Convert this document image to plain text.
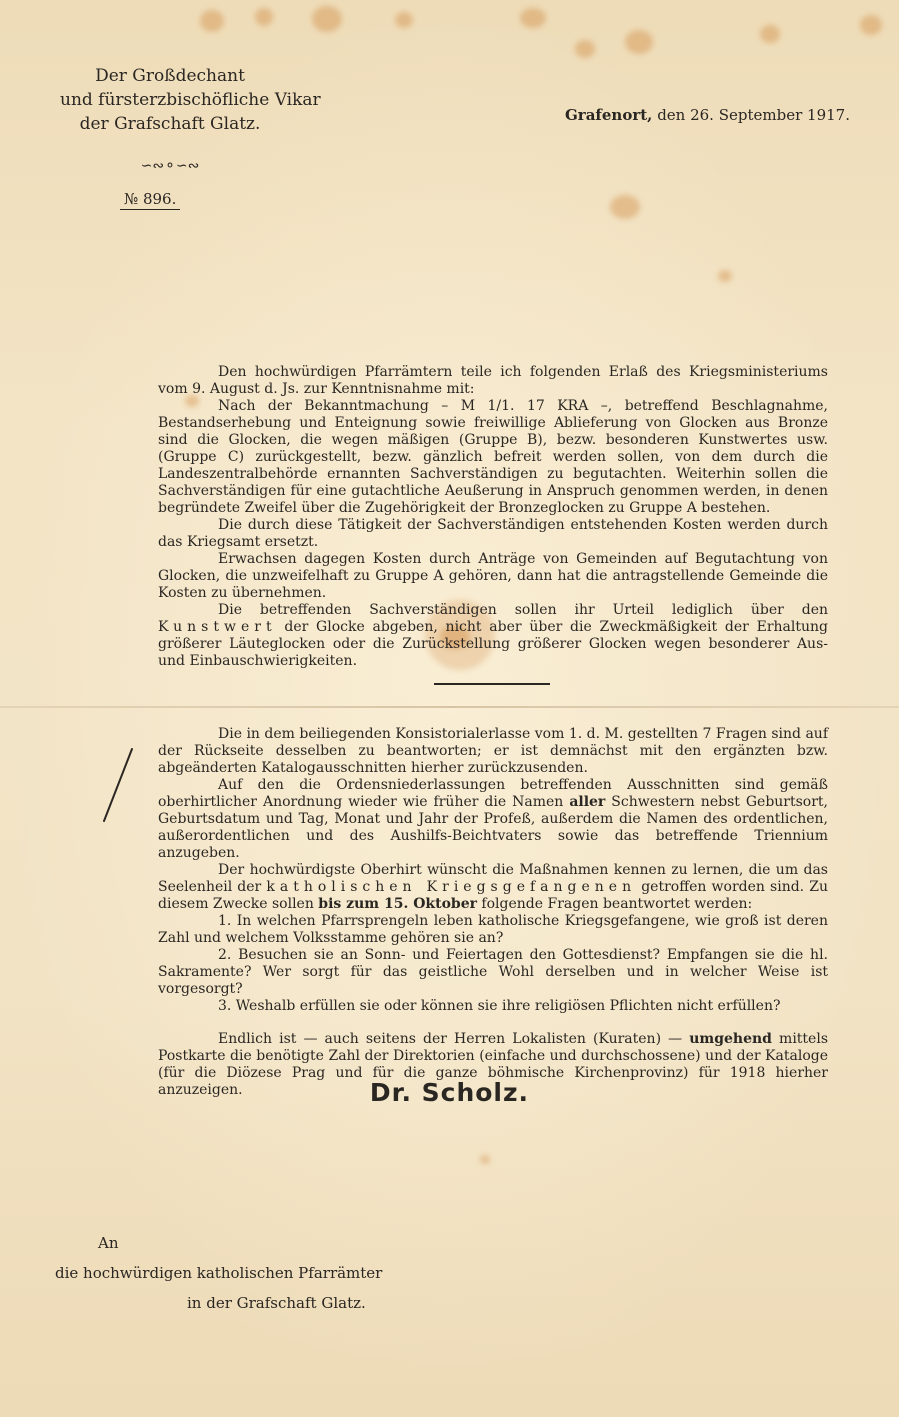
Der Großdechant
und fürsterzbischöfliche Vikar
der Grafschaft Glatz.
∽∾⚬∽∾
№ 896.
Grafenort, den 26. September 1917.

Den hochwürdigen Pfarrämtern teile ich folgenden Erlaß des Kriegsministeriums vom 9. August d. Js. zur Kenntnisnahme mit:

Nach der Bekanntmachung – M 1/1. 17 KRA –, betreffend Beschlagnahme, Bestandserhebung und Enteignung sowie freiwillige Ablieferung von Glocken aus Bronze sind die Glocken, die wegen mäßigen (Gruppe B), bezw. besonderen Kunstwertes usw. (Gruppe C) zurückgestellt, bezw. gänzlich befreit werden sollen, von dem durch die Landeszentralbehörde ernannten Sachverständigen zu begutachten. Weiterhin sollen die Sachverständigen für eine gutachtliche Aeußerung in Anspruch genommen werden, in denen begründete Zweifel über die Zugehörigkeit der Bronzeglocken zu Gruppe A bestehen.

Die durch diese Tätigkeit der Sachverständigen entstehenden Kosten werden durch das Kriegsamt ersetzt.

Erwachsen dagegen Kosten durch Anträge von Gemeinden auf Begutachtung von Glocken, die unzweifelhaft zu Gruppe A gehören, dann hat die antragstellende Gemeinde die Kosten zu übernehmen.

Die betreffenden Sachverständigen sollen ihr Urteil lediglich über den Kunstwert der Glocke abgeben, nicht aber über die Zweckmäßigkeit der Erhaltung größerer Läuteglocken oder die Zurückstellung größerer Glocken wegen besonderer Aus- und Einbauschwierigkeiten.

Die in dem beiliegenden Konsistorialerlasse vom 1. d. M. gestellten 7 Fragen sind auf der Rückseite desselben zu beantworten; er ist demnächst mit den ergänzten bzw. abgeänderten Katalogausschnitten hierher zurückzusenden.

Auf den die Ordensniederlassungen betreffenden Ausschnitten sind gemäß oberhirtlicher Anordnung wieder wie früher die Namen aller Schwestern nebst Geburtsort, Geburtsdatum und Tag, Monat und Jahr der Profeß, außerdem die Namen des ordentlichen, außerordentlichen und des Aushilfs-Beichtvaters sowie das betreffende Triennium anzugeben.

Der hochwürdigste Oberhirt wünscht die Maßnahmen kennen zu lernen, die um das Seelenheil der katholischen Kriegsgefangenen getroffen worden sind. Zu diesem Zwecke sollen bis zum 15. Oktober folgende Fragen beantwortet werden:

1. In welchen Pfarrsprengeln leben katholische Kriegsgefangene, wie groß ist deren Zahl und welchem Volksstamme gehören sie an?
2. Besuchen sie an Sonn- und Feiertagen den Gottesdienst? Empfangen sie die hl. Sakramente? Wer sorgt für das geistliche Wohl derselben und in welcher Weise ist vorgesorgt?
3. Weshalb erfüllen sie oder können sie ihre religiösen Pflichten nicht erfüllen?

Endlich ist — auch seitens der Herren Lokalisten (Kuraten) — umgehend mittels Postkarte die benötigte Zahl der Direktorien (einfache und durchschossene) und der Kataloge (für die Diözese Prag und für die ganze böhmische Kirchenprovinz) für 1918 hierher anzuzeigen.	Dr. Scholz.
An
die hochwürdigen katholischen Pfarrämter
in der Grafschaft Glatz.
